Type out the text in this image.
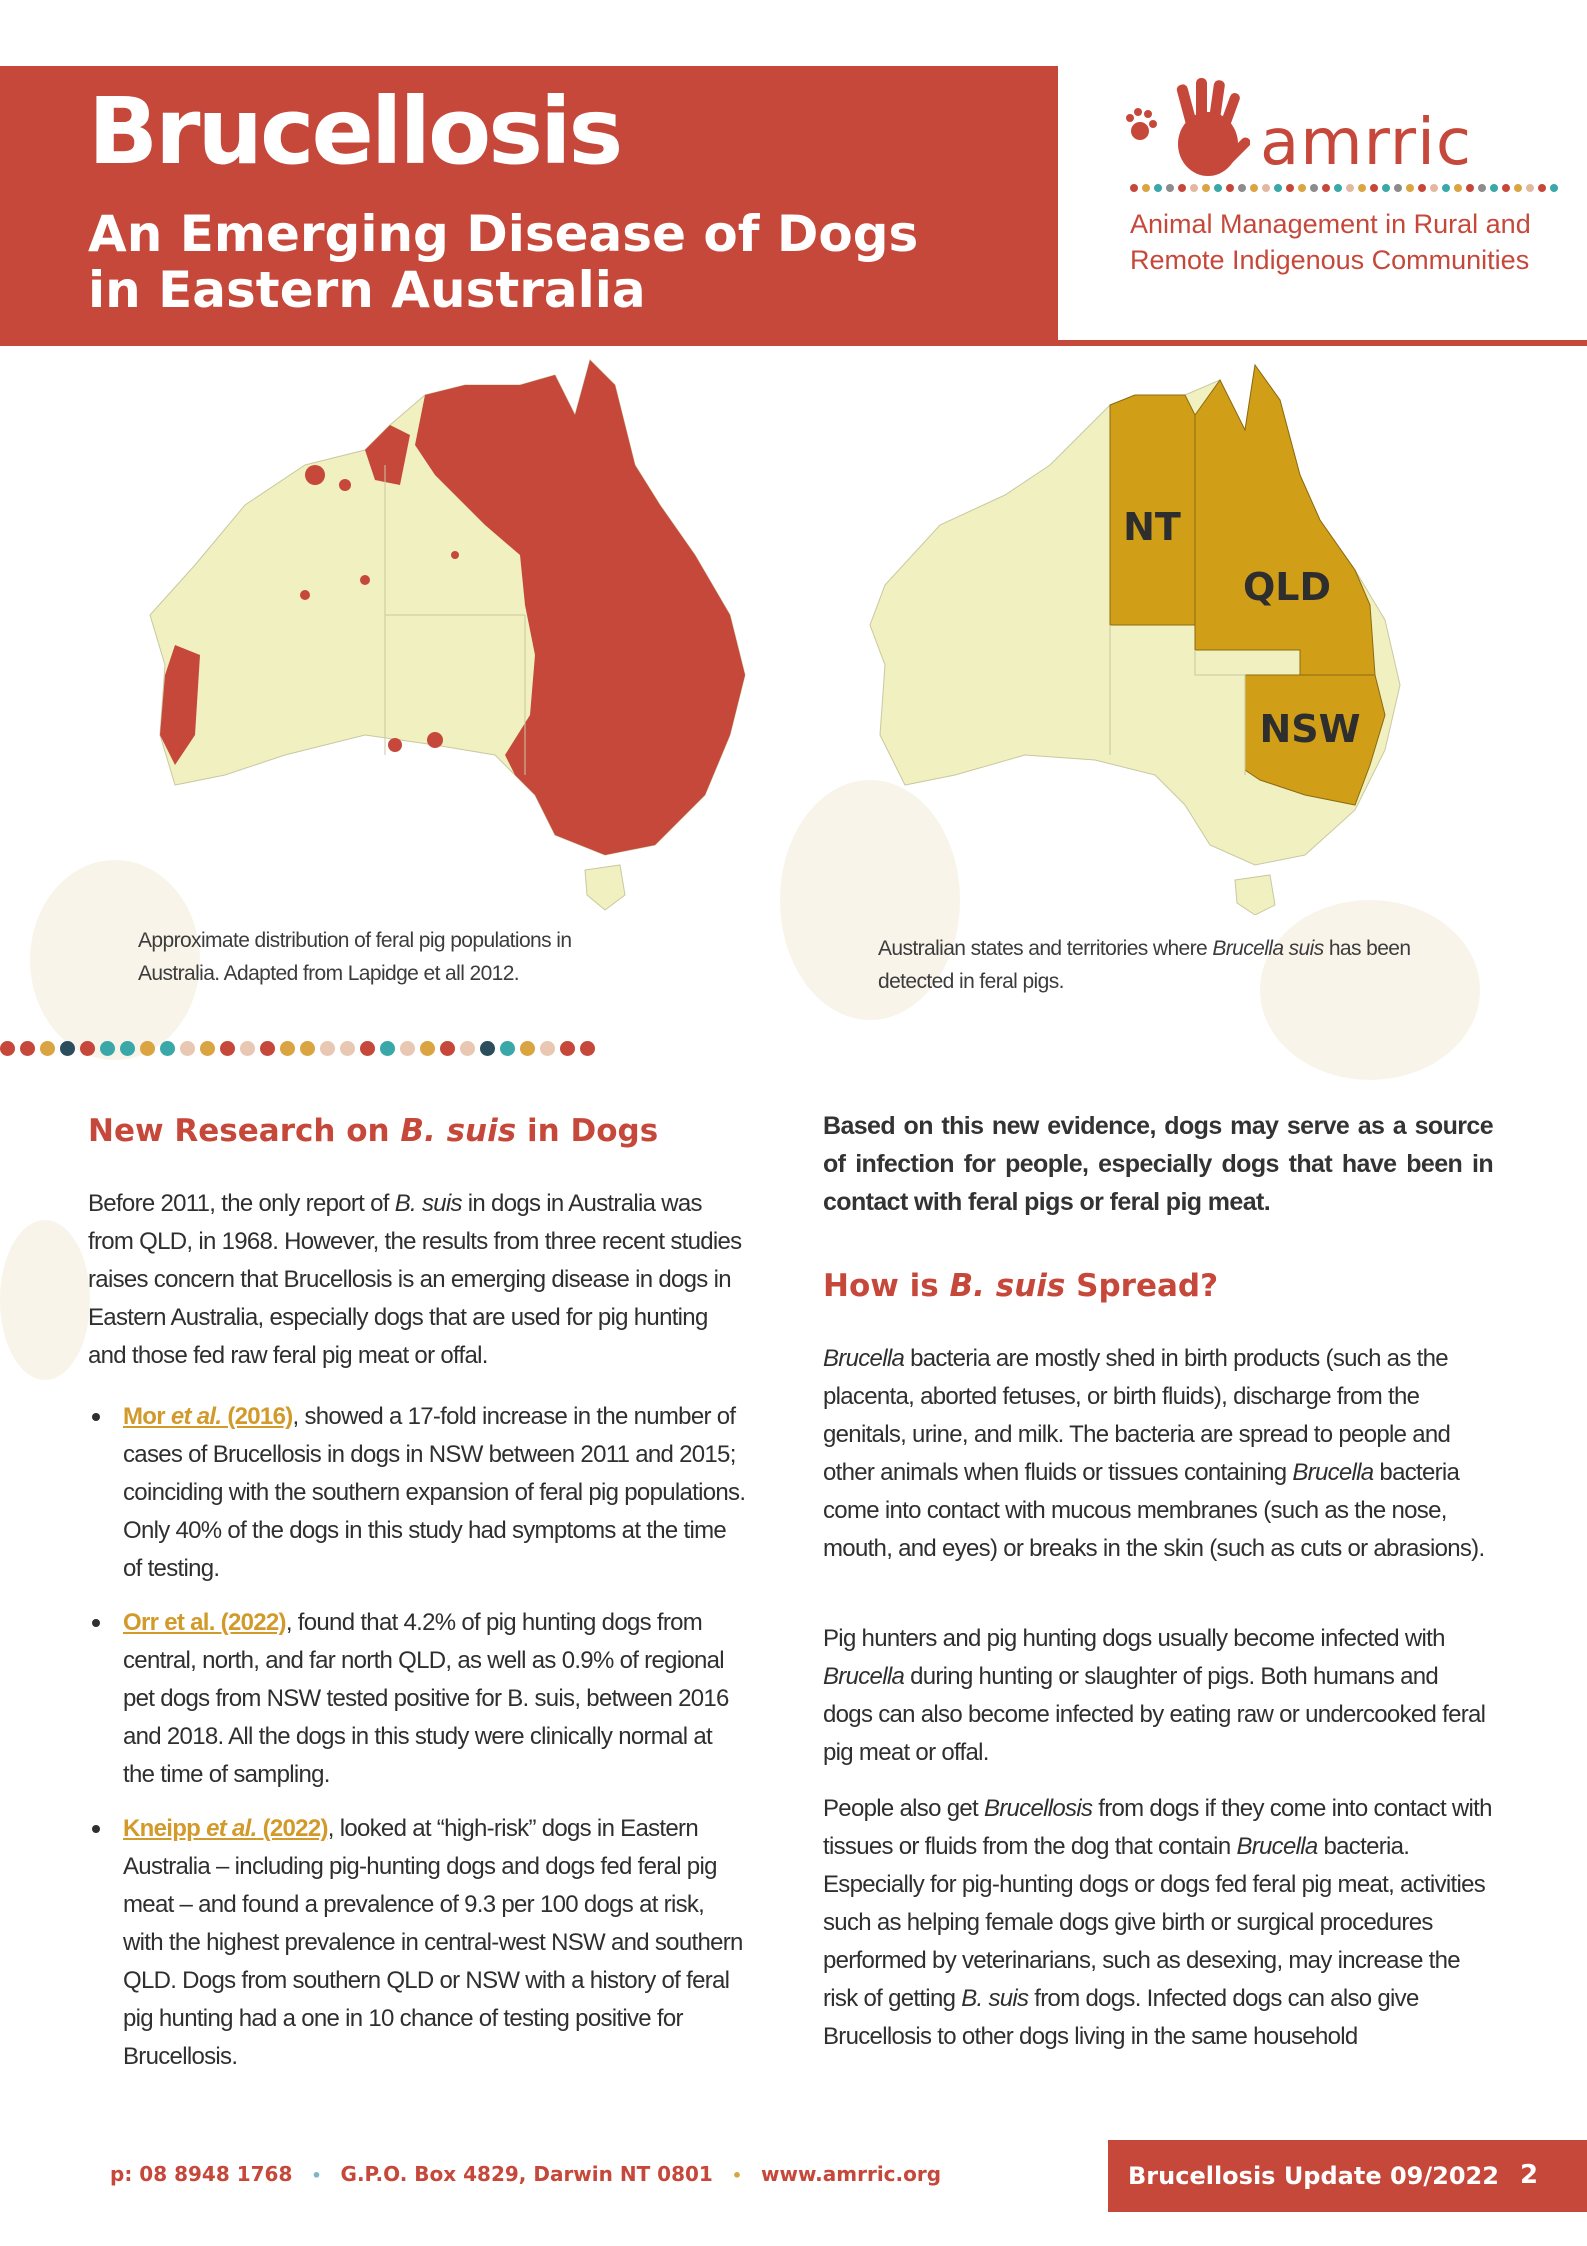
Brucellosis
An Emerging Disease of Dogs
in Eastern Australia
amrric
Animal Management in Rural and
Remote Indigenous Communities
Approximate distribution of feral pig populations in
Australia. Adapted from Lapidge et all 2012.
NT
QLD
NSW
Australian states and territories where Brucella suis has been
detected in feral pigs.
New Research on B. suis in Dogs

Before 2011, the only report of B. suis in dogs in Australia was from QLD, in 1968. However, the results from three recent studies raises concern that Brucellosis is an emerging disease in dogs in Eastern Australia, especially dogs that are used for pig hunting and those fed raw feral pig meat or offal.

Mor et al. (2016), showed a 17-fold increase in the number of cases of Brucellosis in dogs in NSW between 2011 and 2015; coinciding with the southern expansion of feral pig populations. Only 40% of the dogs in this study had symptoms at the time of testing.
Orr et al. (2022), found that 4.2% of pig hunting dogs from central, north, and far north QLD, as well as 0.9% of regional pet dogs from NSW tested positive for B. suis, between 2016 and 2018. All the dogs in this study were clinically normal at the time of sampling.
Kneipp et al. (2022), looked at “high-risk” dogs in Eastern Australia – including pig-hunting dogs and dogs fed feral pig meat – and found a prevalence of 9.3 per 100 dogs at risk, with the highest prevalence in central-west NSW and southern QLD. Dogs from southern QLD or NSW with a history of feral pig hunting had a one in 10 chance of testing positive for Brucellosis.

Based on this new evidence, dogs may serve as a source of infection for people, especially dogs that have been in contact with feral pigs or feral pig meat.

How is B. suis Spread?

Brucella bacteria are mostly shed in birth products (such as the placenta, aborted fetuses, or birth fluids), discharge from the genitals, urine, and milk. The bacteria are spread to people and other animals when fluids or tissues containing Brucella bacteria come into contact with mucous membranes (such as the nose, mouth, and eyes) or breaks in the skin (such as cuts or abrasions).

Pig hunters and pig hunting dogs usually become infected with Brucella during hunting or slaughter of pigs. Both humans and dogs can also become infected by eating raw or undercooked feral pig meat or offal.

People also get Brucellosis from dogs if they come into contact with tissues or fluids from the dog that contain Brucella bacteria. Especially for pig-hunting dogs or dogs fed feral pig meat, activities such as helping female dogs give birth or surgical procedures performed by veterinarians, such as desexing, may increase the risk of getting B. suis from dogs. Infected dogs can also give Brucellosis to other dogs living in the same household

p: 08 8948 1768 • G.P.O. Box 4829, Darwin NT 0801 • www.amrric.org	Brucellosis Update 09/2022 2
